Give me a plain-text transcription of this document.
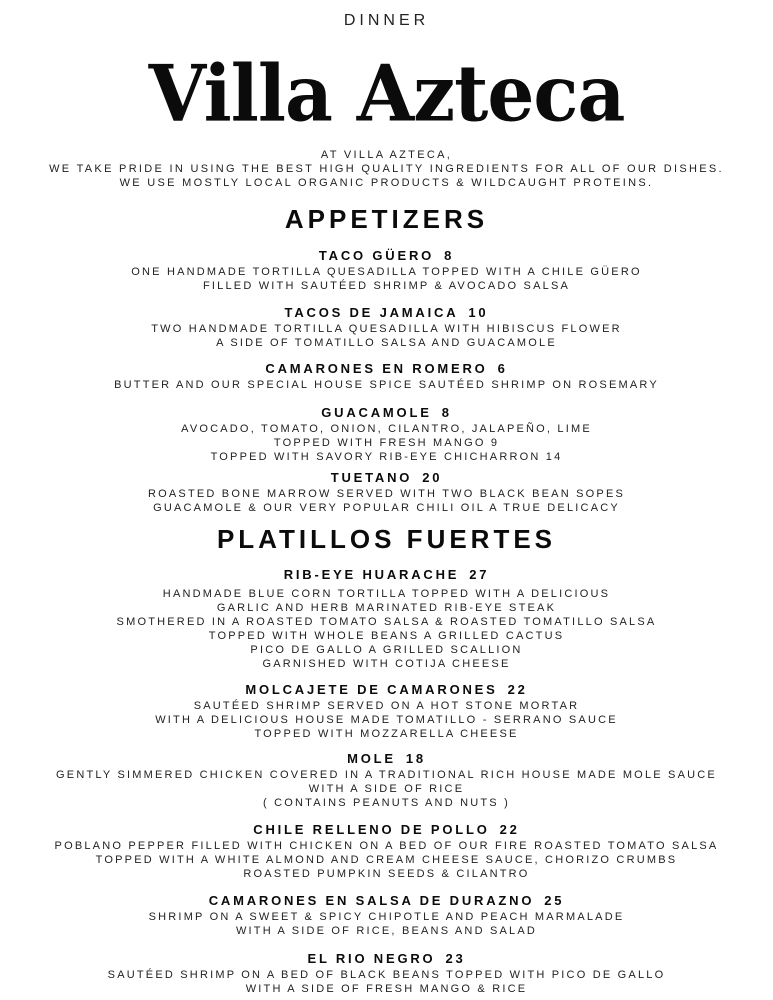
DINNER
Villa Azteca
AT VILLA AZTECA,
WE TAKE PRIDE IN USING THE BEST HIGH QUALITY INGREDIENTS FOR ALL OF OUR DISHES.
WE USE MOSTLY LOCAL ORGANIC PRODUCTS & WILDCAUGHT PROTEINS.
APPETIZERS
TACO GÜERO 8
ONE HANDMADE TORTILLA QUESADILLA TOPPED WITH A CHILE GÜERO
FILLED WITH SAUTÉED SHRIMP & AVOCADO SALSA
TACOS DE JAMAICA 10
TWO HANDMADE TORTILLA QUESADILLA WITH HIBISCUS FLOWER
A SIDE OF TOMATILLO SALSA AND GUACAMOLE
CAMARONES EN ROMERO 6
BUTTER AND OUR SPECIAL HOUSE SPICE SAUTÉED SHRIMP ON ROSEMARY
GUACAMOLE 8
AVOCADO, TOMATO, ONION, CILANTRO, JALAPEÑO, LIME
TOPPED WITH FRESH MANGO 9
TOPPED WITH SAVORY RIB-EYE CHICHARRON 14
TUETANO 20
ROASTED BONE MARROW SERVED WITH TWO BLACK BEAN SOPES
GUACAMOLE & OUR VERY POPULAR CHILI OIL A TRUE DELICACY
PLATILLOS FUERTES
RIB-EYE HUARACHE 27
HANDMADE BLUE CORN TORTILLA TOPPED WITH A DELICIOUS
GARLIC AND HERB MARINATED RIB-EYE STEAK
SMOTHERED IN A ROASTED TOMATO SALSA & ROASTED TOMATILLO SALSA
TOPPED WITH WHOLE BEANS A GRILLED CACTUS
PICO DE GALLO A GRILLED SCALLION
GARNISHED WITH COTIJA CHEESE
MOLCAJETE DE CAMARONES 22
SAUTÉED SHRIMP SERVED ON A HOT STONE MORTAR
WITH A DELICIOUS HOUSE MADE TOMATILLO - SERRANO SAUCE
TOPPED WITH MOZZARELLA CHEESE
MOLE 18
GENTLY SIMMERED CHICKEN COVERED IN A TRADITIONAL RICH HOUSE MADE MOLE SAUCE
WITH A SIDE OF RICE
( CONTAINS PEANUTS AND NUTS )
CHILE RELLENO DE POLLO 22
POBLANO PEPPER FILLED WITH CHICKEN ON A BED OF OUR FIRE ROASTED TOMATO SALSA
TOPPED WITH A WHITE ALMOND AND CREAM CHEESE SAUCE, CHORIZO CRUMBS
ROASTED PUMPKIN SEEDS & CILANTRO
CAMARONES EN SALSA DE DURAZNO 25
SHRIMP ON A SWEET & SPICY CHIPOTLE AND PEACH MARMALADE
WITH A SIDE OF RICE, BEANS AND SALAD
EL RIO NEGRO 23
SAUTÉED SHRIMP ON A BED OF BLACK BEANS TOPPED WITH PICO DE GALLO
WITH A SIDE OF FRESH MANGO & RICE
